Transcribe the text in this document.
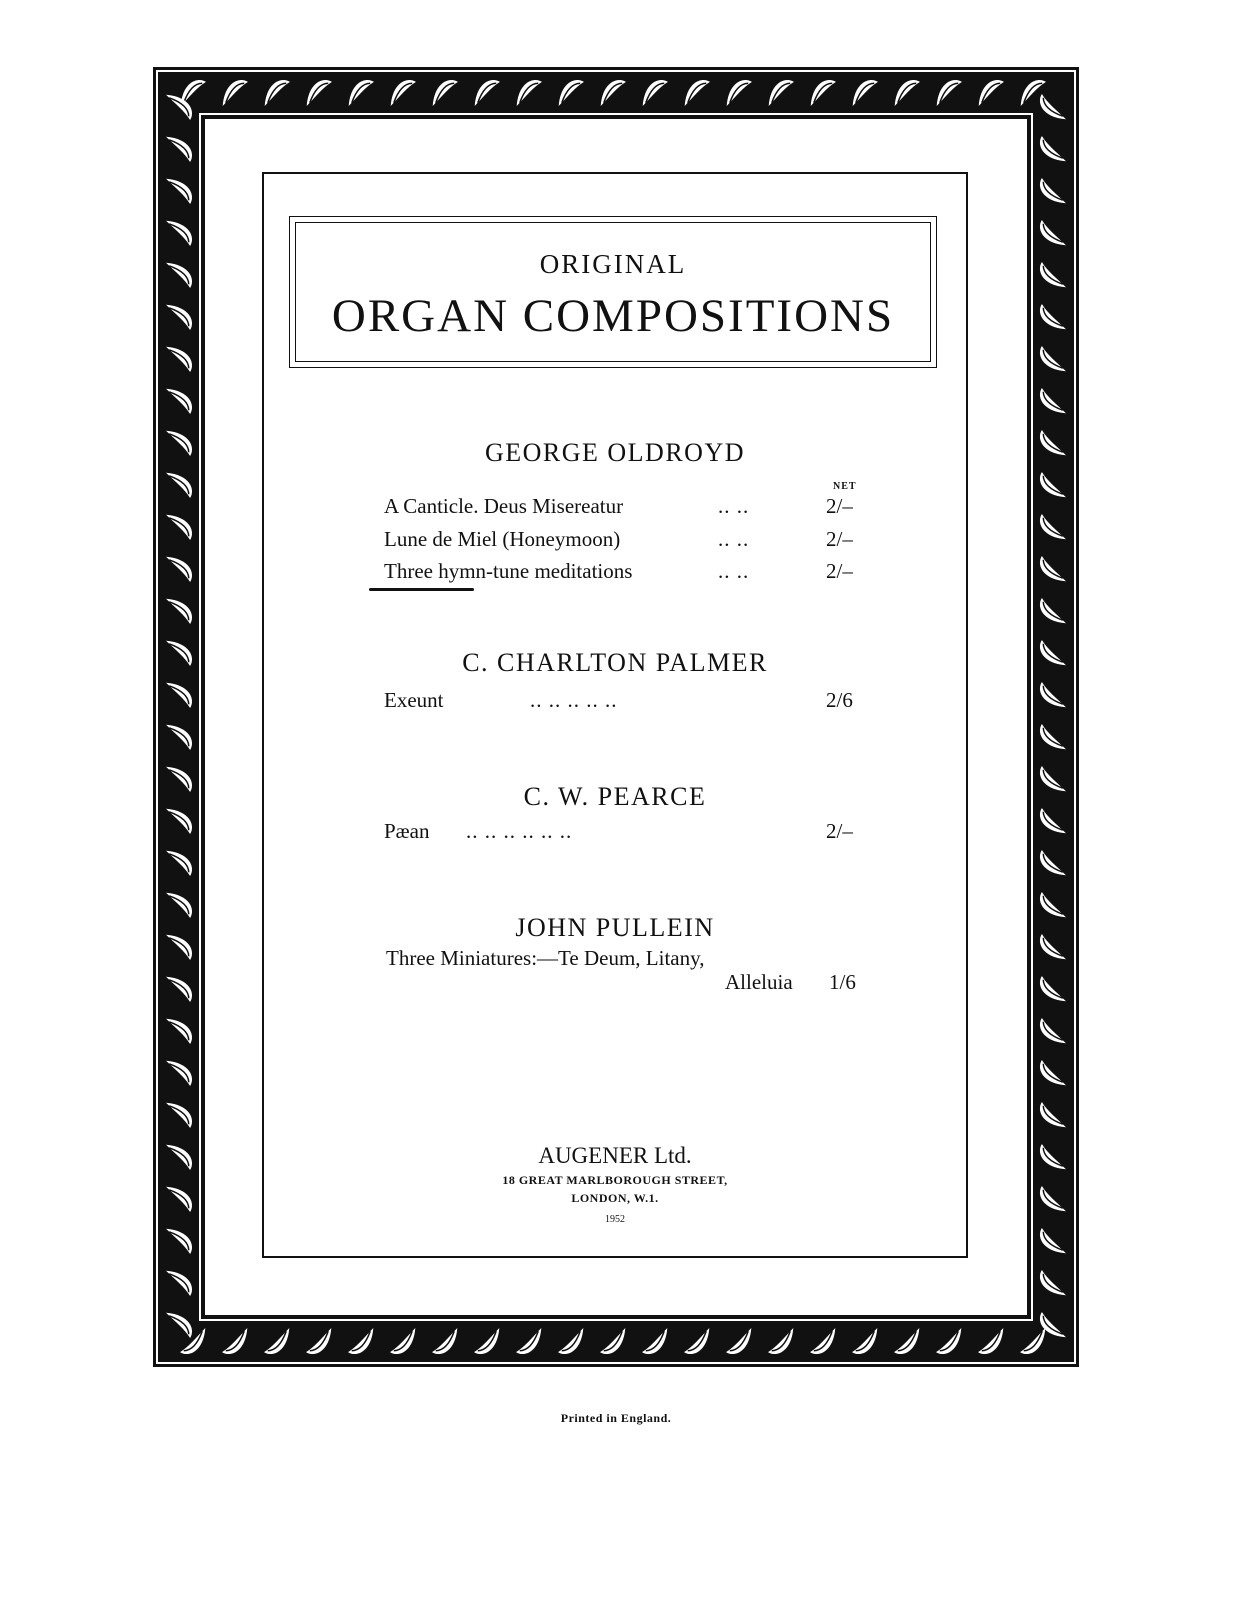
ORIGINAL
ORGAN COMPOSITIONS
GEORGE OLDROYD
NET
A Canticle. Deus Misereatur	.. ..	2/–
Lune de Miel (Honeymoon)	.. ..	2/–
Three hymn-tune meditations	.. ..	2/–
C. CHARLTON PALMER
Exeunt	.. .. .. .. ..	2/6
C. W. PEARCE
Pæan .. .. .. .. .. ..	2/–
JOHN PULLEIN
Three Miniatures:—Te Deum, Litany,
Alleluia 1/6
AUGENER Ltd.
18 GREAT MARLBOROUGH STREET,
LONDON, W.1.
1952
Printed in England.
